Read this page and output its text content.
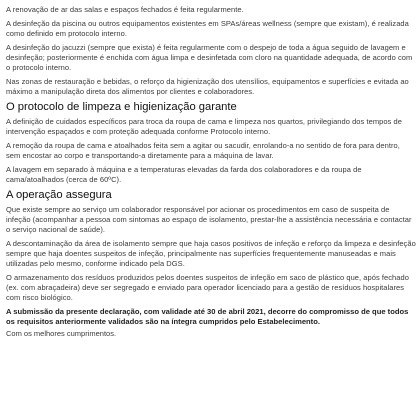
A renovação de ar das salas e espaços fechados é feita regularmente.

A desinfeção da piscina ou outros equipamentos existentes em SPAs/áreas wellness (sempre que existam), é realizada como definido em protocolo interno.

A desinfeção do jacuzzi (sempre que exista) é feita regularmente com o despejo de toda a água seguido de lavagem e desinfeção; posteriormente é enchida com água limpa e desinfetada com cloro na quantidade adequada, de acordo com o protocolo interno.

Nas zonas de restauração e bebidas, o reforço da higienização dos utensílios, equipamentos e superfícies e evitada ao máximo a manipulação direta dos alimentos por clientes e colaboradores.

O protocolo de limpeza e higienização garante

A definição de cuidados específicos para troca da roupa de cama e limpeza nos quartos, privilegiando dos tempos de intervenção espaçados e com proteção adequada conforme Protocolo interno.

A remoção da roupa de cama e atoalhados feita sem a agitar ou sacudir, enrolando-a no sentido de fora para dentro, sem encostar ao corpo e transportando-a diretamente para a máquina de lavar.

A lavagem em separado à máquina e a temperaturas elevadas da farda dos colaboradores e da roupa de cama/atoalhados (cerca de 60ºC).

A operação assegura

Que existe sempre ao serviço um colaborador responsável por acionar os procedimentos em caso de suspeita de infeção (acompanhar a pessoa com sintomas ao espaço de isolamento, prestar-lhe a assistência necessária e contactar o serviço nacional de saúde).

A descontaminação da área de isolamento sempre que haja casos positivos de infeção e reforço da limpeza e desinfeção sempre que haja doentes suspeitos de infeção, principalmente nas superfícies frequentemente manuseadas e mais utilizadas pelo mesmo, conforme indicado pela DGS.

O armazenamento dos resíduos produzidos pelos doentes suspeitos de infeção em saco de plástico que, após fechado (ex. com abraçadeira) deve ser segregado e enviado para operador licenciado para a gestão de resíduos hospitalares com risco biológico.

A submissão da presente declaração, com validade até 30 de abril 2021, decorre do compromisso de que todos os requisitos anteriormente validados são na íntegra cumpridos pelo Estabelecimento.

Com os melhores cumprimentos.
